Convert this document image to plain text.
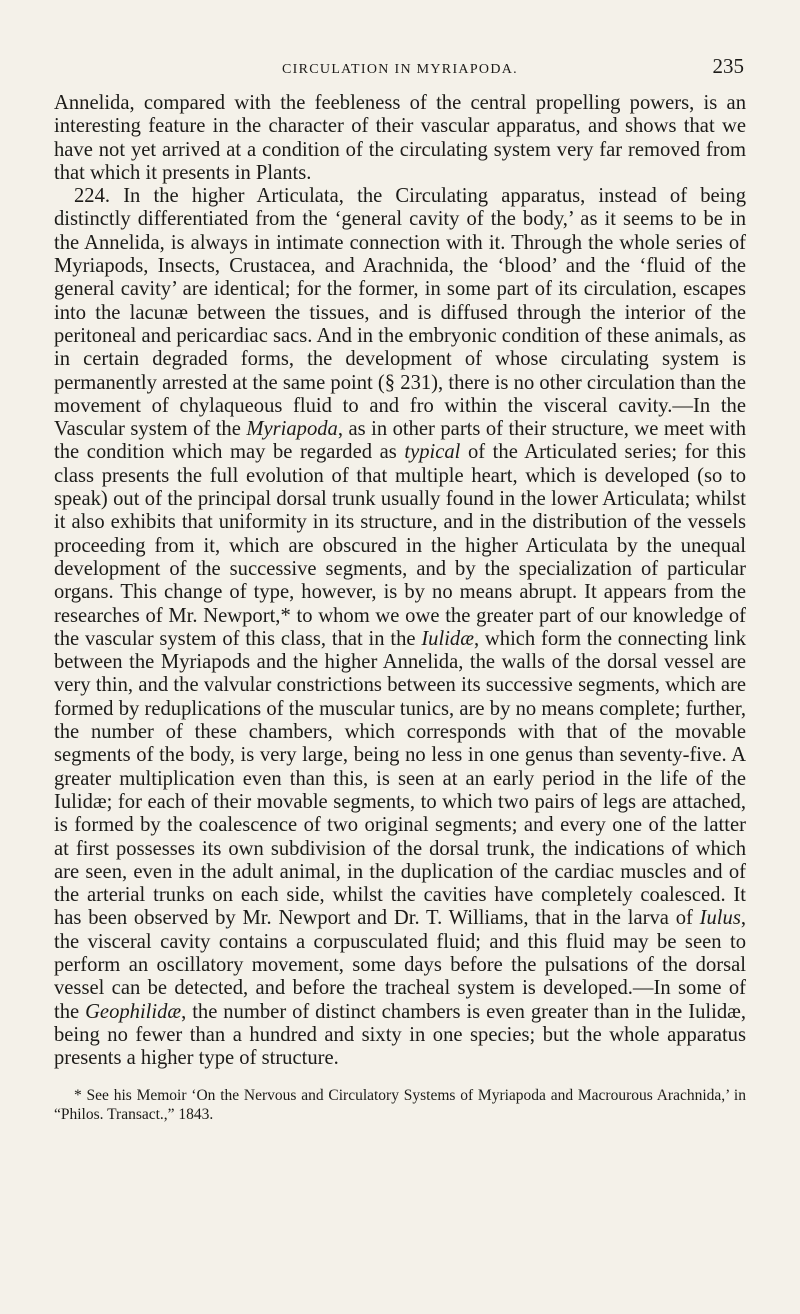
CIRCULATION IN MYRIAPODA.	235

Annelida, compared with the feebleness of the central propelling powers, is an interesting feature in the character of their vascular apparatus, and shows that we have not yet arrived at a condition of the circulating system very far removed from that which it presents in Plants.

224. In the higher Articulata, the Circulating apparatus, instead of being distinctly differentiated from the ‘general cavity of the body,’ as it seems to be in the Annelida, is always in intimate connection with it. Through the whole series of Myriapods, Insects, Crustacea, and Arachnida, the ‘blood’ and the ‘fluid of the general cavity’ are identical; for the former, in some part of its circulation, escapes into the lacunæ between the tissues, and is diffused through the interior of the peritoneal and pericardiac sacs. And in the embryonic condition of these animals, as in certain degraded forms, the development of whose circulating system is permanently arrested at the same point (§ 231), there is no other circulation than the movement of chylaqueous fluid to and fro within the visceral cavity.—In the Vascular system of the Myriapoda, as in other parts of their structure, we meet with the condition which may be regarded as typical of the Articulated series; for this class presents the full evolution of that multiple heart, which is developed (so to speak) out of the principal dorsal trunk usually found in the lower Articulata; whilst it also exhibits that uniformity in its structure, and in the distribution of the vessels proceeding from it, which are obscured in the higher Articulata by the unequal development of the successive segments, and by the specialization of particular organs. This change of type, however, is by no means abrupt. It appears from the researches of Mr. Newport,* to whom we owe the greater part of our knowledge of the vascular system of this class, that in the Iulidæ, which form the connecting link between the Myriapods and the higher Annelida, the walls of the dorsal vessel are very thin, and the valvular constrictions between its successive segments, which are formed by reduplications of the muscular tunics, are by no means complete; further, the number of these chambers, which corresponds with that of the movable segments of the body, is very large, being no less in one genus than seventy-five. A greater multiplication even than this, is seen at an early period in the life of the Iulidæ; for each of their movable segments, to which two pairs of legs are attached, is formed by the coalescence of two original segments; and every one of the latter at first possesses its own subdivision of the dorsal trunk, the indications of which are seen, even in the adult animal, in the duplication of the cardiac muscles and of the arterial trunks on each side, whilst the cavities have completely coalesced. It has been observed by Mr. Newport and Dr. T. Williams, that in the larva of Iulus, the visceral cavity contains a corpusculated fluid; and this fluid may be seen to perform an oscillatory movement, some days before the pulsations of the dorsal vessel can be detected, and before the tracheal system is developed.—In some of the Geophilidæ, the number of distinct chambers is even greater than in the Iulidæ, being no fewer than a hundred and sixty in one species; but the whole apparatus presents a higher type of structure.

* See his Memoir ‘On the Nervous and Circulatory Systems of Myriapoda and Macrourous Arachnida,’ in “Philos. Transact.,” 1843.
